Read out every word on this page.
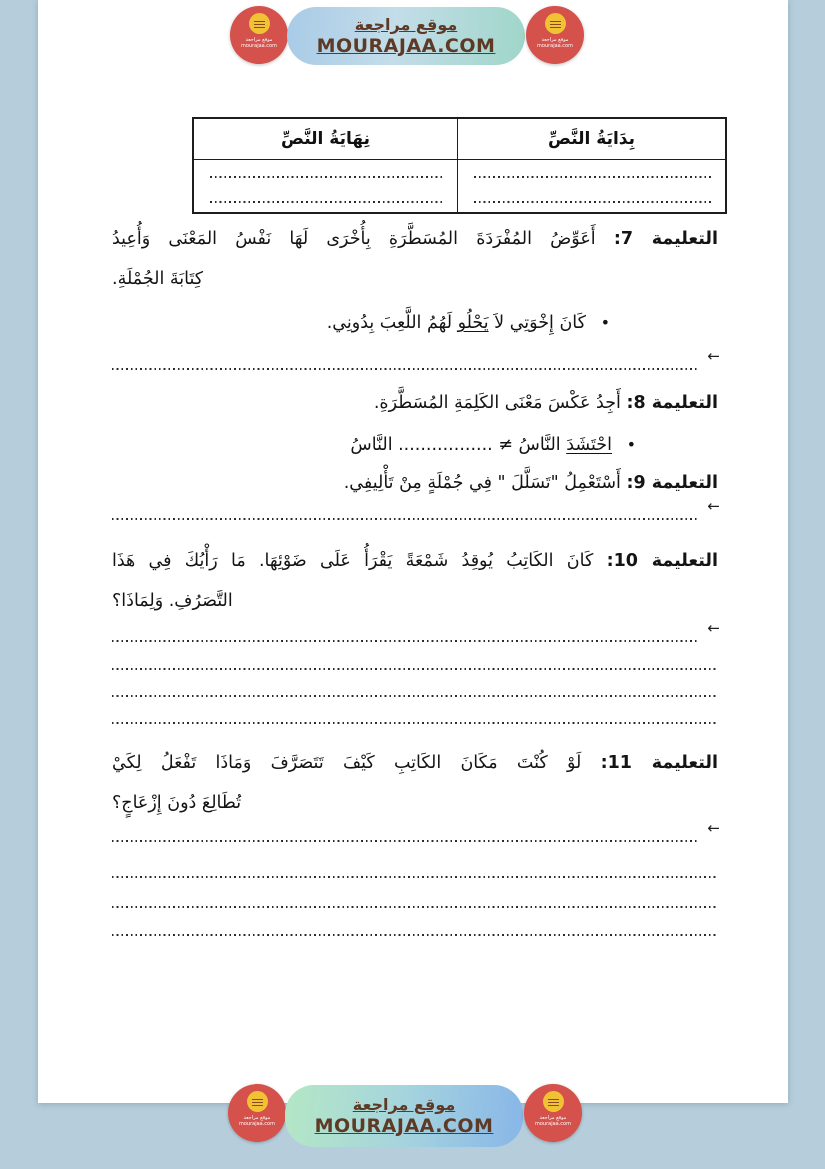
موقع مراجعة
mourajaa.com
موقع مراجعة
MOURAJAA.COM	موقع مراجعة
mourajaa.com
بِدَايَةُ النَّصِّ
نِهَايَةُ النَّصِّ
التعليمة 7: أَعَوِّضُ المُفْرَدَةَ المُسَطَّرَةِ بِأُخْرَى لَهَا نَفْسُ المَعْنَى وَأُعِيدُ
كِتَابَةَ الجُمْلَةِ.
• كَانَ إِخْوَتِي لاَ يَحْلُو لَهُمُ اللَّعِبَ بِدُونِي.
←
التعليمة 8: أَجِدُ عَكْسَ مَعْنَى الكَلِمَةِ المُسَطَّرَةِ.
• احْتَشَدَ النَّاسُ ≠ ................. النَّاسُ
التعليمة 9: أَسْتَعْمِلُ "تَسَلَّلَ " فِي جُمْلَةٍ مِنْ تَأْلِيفِي.
←
التعليمة 10: كَانَ الكَاتِبُ يُوقِدُ شَمْعَةً يَقْرَأُ عَلَى ضَوْئِهَا. مَا رَأْيُكَ فِي هَذَا
التَّصَرُفِ. وَلِمَاذَا؟
←
التعليمة 11: لَوْ كُنْتَ مَكَانَ الكَاتِبِ كَيْفَ تَتَصَرَّفَ وَمَاذَا تَفْعَلُ لِكَيْ
تُطَالِعَ دُونَ إِزْعَاجٍ؟
←
موقع مراجعة
mourajaa.com
موقع مراجعة
MOURAJAA.COM	موقع مراجعة
mourajaa.com
